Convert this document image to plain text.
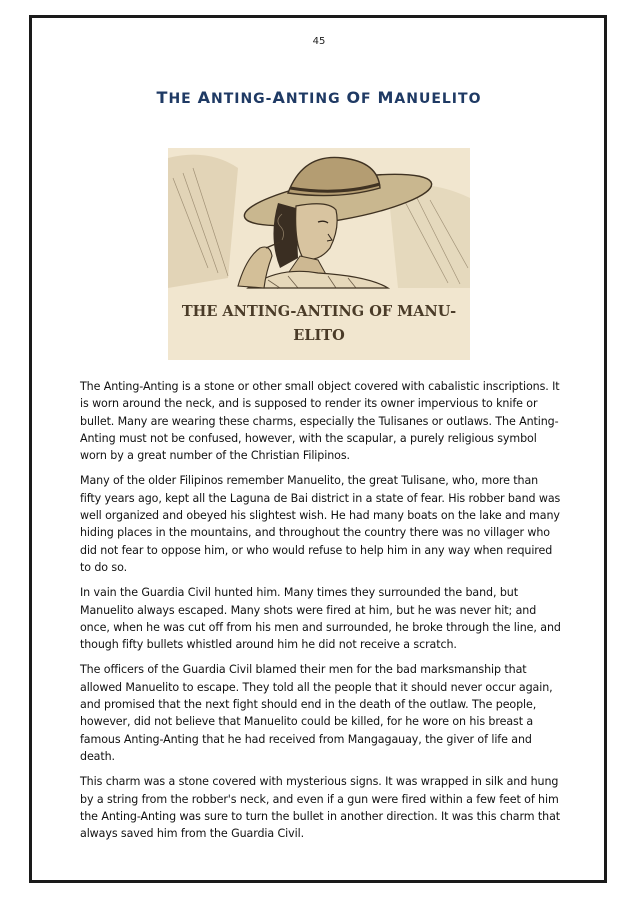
45
THE ANTING-ANTING OF MANUELITO
THE ANTING-ANTING OF MANU-
ELITO

The Anting-Anting is a stone or other small object covered with cabalistic inscriptions. It is worn around the neck, and is supposed to render its owner impervious to knife or bullet. Many are wearing these charms, especially the Tulisanes or outlaws. The Anting-Anting must not be confused, however, with the scapular, a purely religious symbol worn by a great number of the Christian Filipinos.

Many of the older Filipinos remember Manuelito, the great Tulisane, who, more than fifty years ago, kept all the Laguna de Bai district in a state of fear. His robber band was well organized and obeyed his slightest wish. He had many boats on the lake and many hiding places in the mountains, and throughout the country there was no villager who did not fear to oppose him, or who would refuse to help him in any way when required to do so.

In vain the Guardia Civil hunted him. Many times they surrounded the band, but Manuelito always escaped. Many shots were fired at him, but he was never hit; and once, when he was cut off from his men and surrounded, he broke through the line, and though fifty bullets whistled around him he did not receive a scratch.

The officers of the Guardia Civil blamed their men for the bad marksmanship that allowed Manuelito to escape. They told all the people that it should never occur again, and promised that the next fight should end in the death of the outlaw. The people, however, did not believe that Manuelito could be killed, for he wore on his breast a famous Anting-Anting that he had received from Mangagauay, the giver of life and death.

This charm was a stone covered with mysterious signs. It was wrapped in silk and hung by a string from the robber's neck, and even if a gun were fired within a few feet of him the Anting-Anting was sure to turn the bullet in another direction. It was this charm that always saved him from the Guardia Civil.
